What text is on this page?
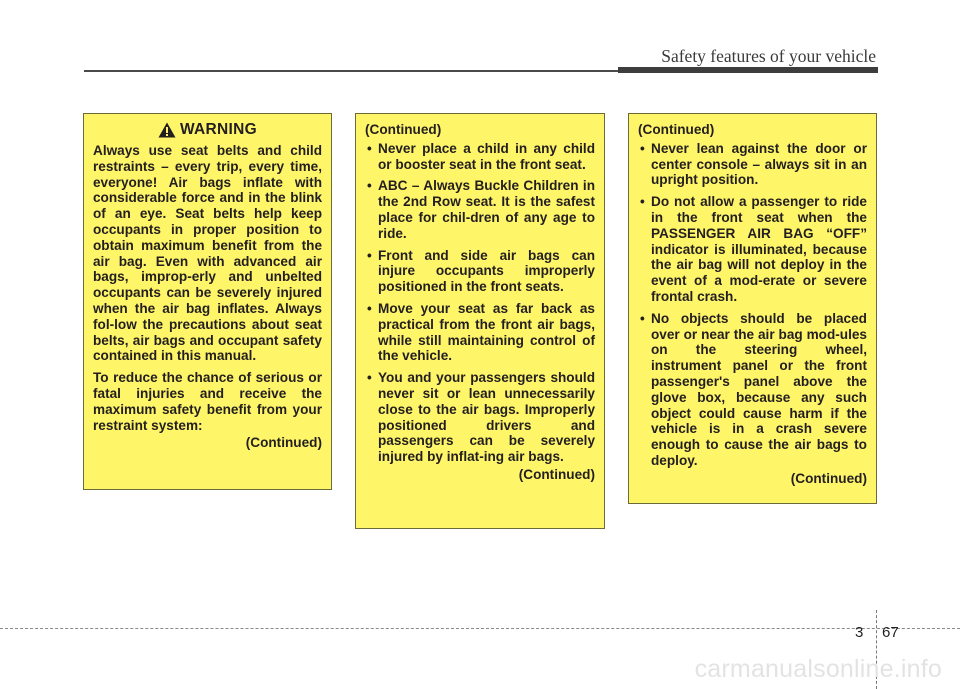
Safety features of your vehicle
WARNING

Always use seat belts and child restraints – every trip, every time, everyone! Air bags inflate with considerable force and in the blink of an eye. Seat belts help keep occupants in proper position to obtain maximum benefit from the air bag. Even with advanced air bags, improp-erly and unbelted occupants can be severely injured when the air bag inflates. Always fol-low the precautions about seat belts, air bags and occupant safety contained in this manual.

To reduce the chance of serious or fatal injuries and receive the maximum safety benefit from your restraint system:

(Continued)
(Continued)
• Never place a child in any child or booster seat in the front seat.
• ABC – Always Buckle Children in the 2nd Row seat. It is the safest place for chil-dren of any age to ride.
• Front and side air bags can injure occupants improperly positioned in the front seats.
• Move your seat as far back as practical from the front air bags, while still maintaining control of the vehicle.
• You and your passengers should never sit or lean unnecessarily close to the air bags. Improperly positioned drivers and passengers can be severely injured by inflat-ing air bags.
(Continued)
(Continued)
• Never lean against the door or center console – always sit in an upright position.
• Do not allow a passenger to ride in the front seat when the PASSENGER AIR BAG “OFF” indicator is illuminated, because the air bag will not deploy in the event of a mod-erate or severe frontal crash.
• No objects should be placed over or near the air bag mod-ules on the steering wheel, instrument panel or the front passenger's panel above the glove box, because any such object could cause harm if the vehicle is in a crash severe enough to cause the air bags to deploy.
(Continued)
3 67
carmanualsonline.info
